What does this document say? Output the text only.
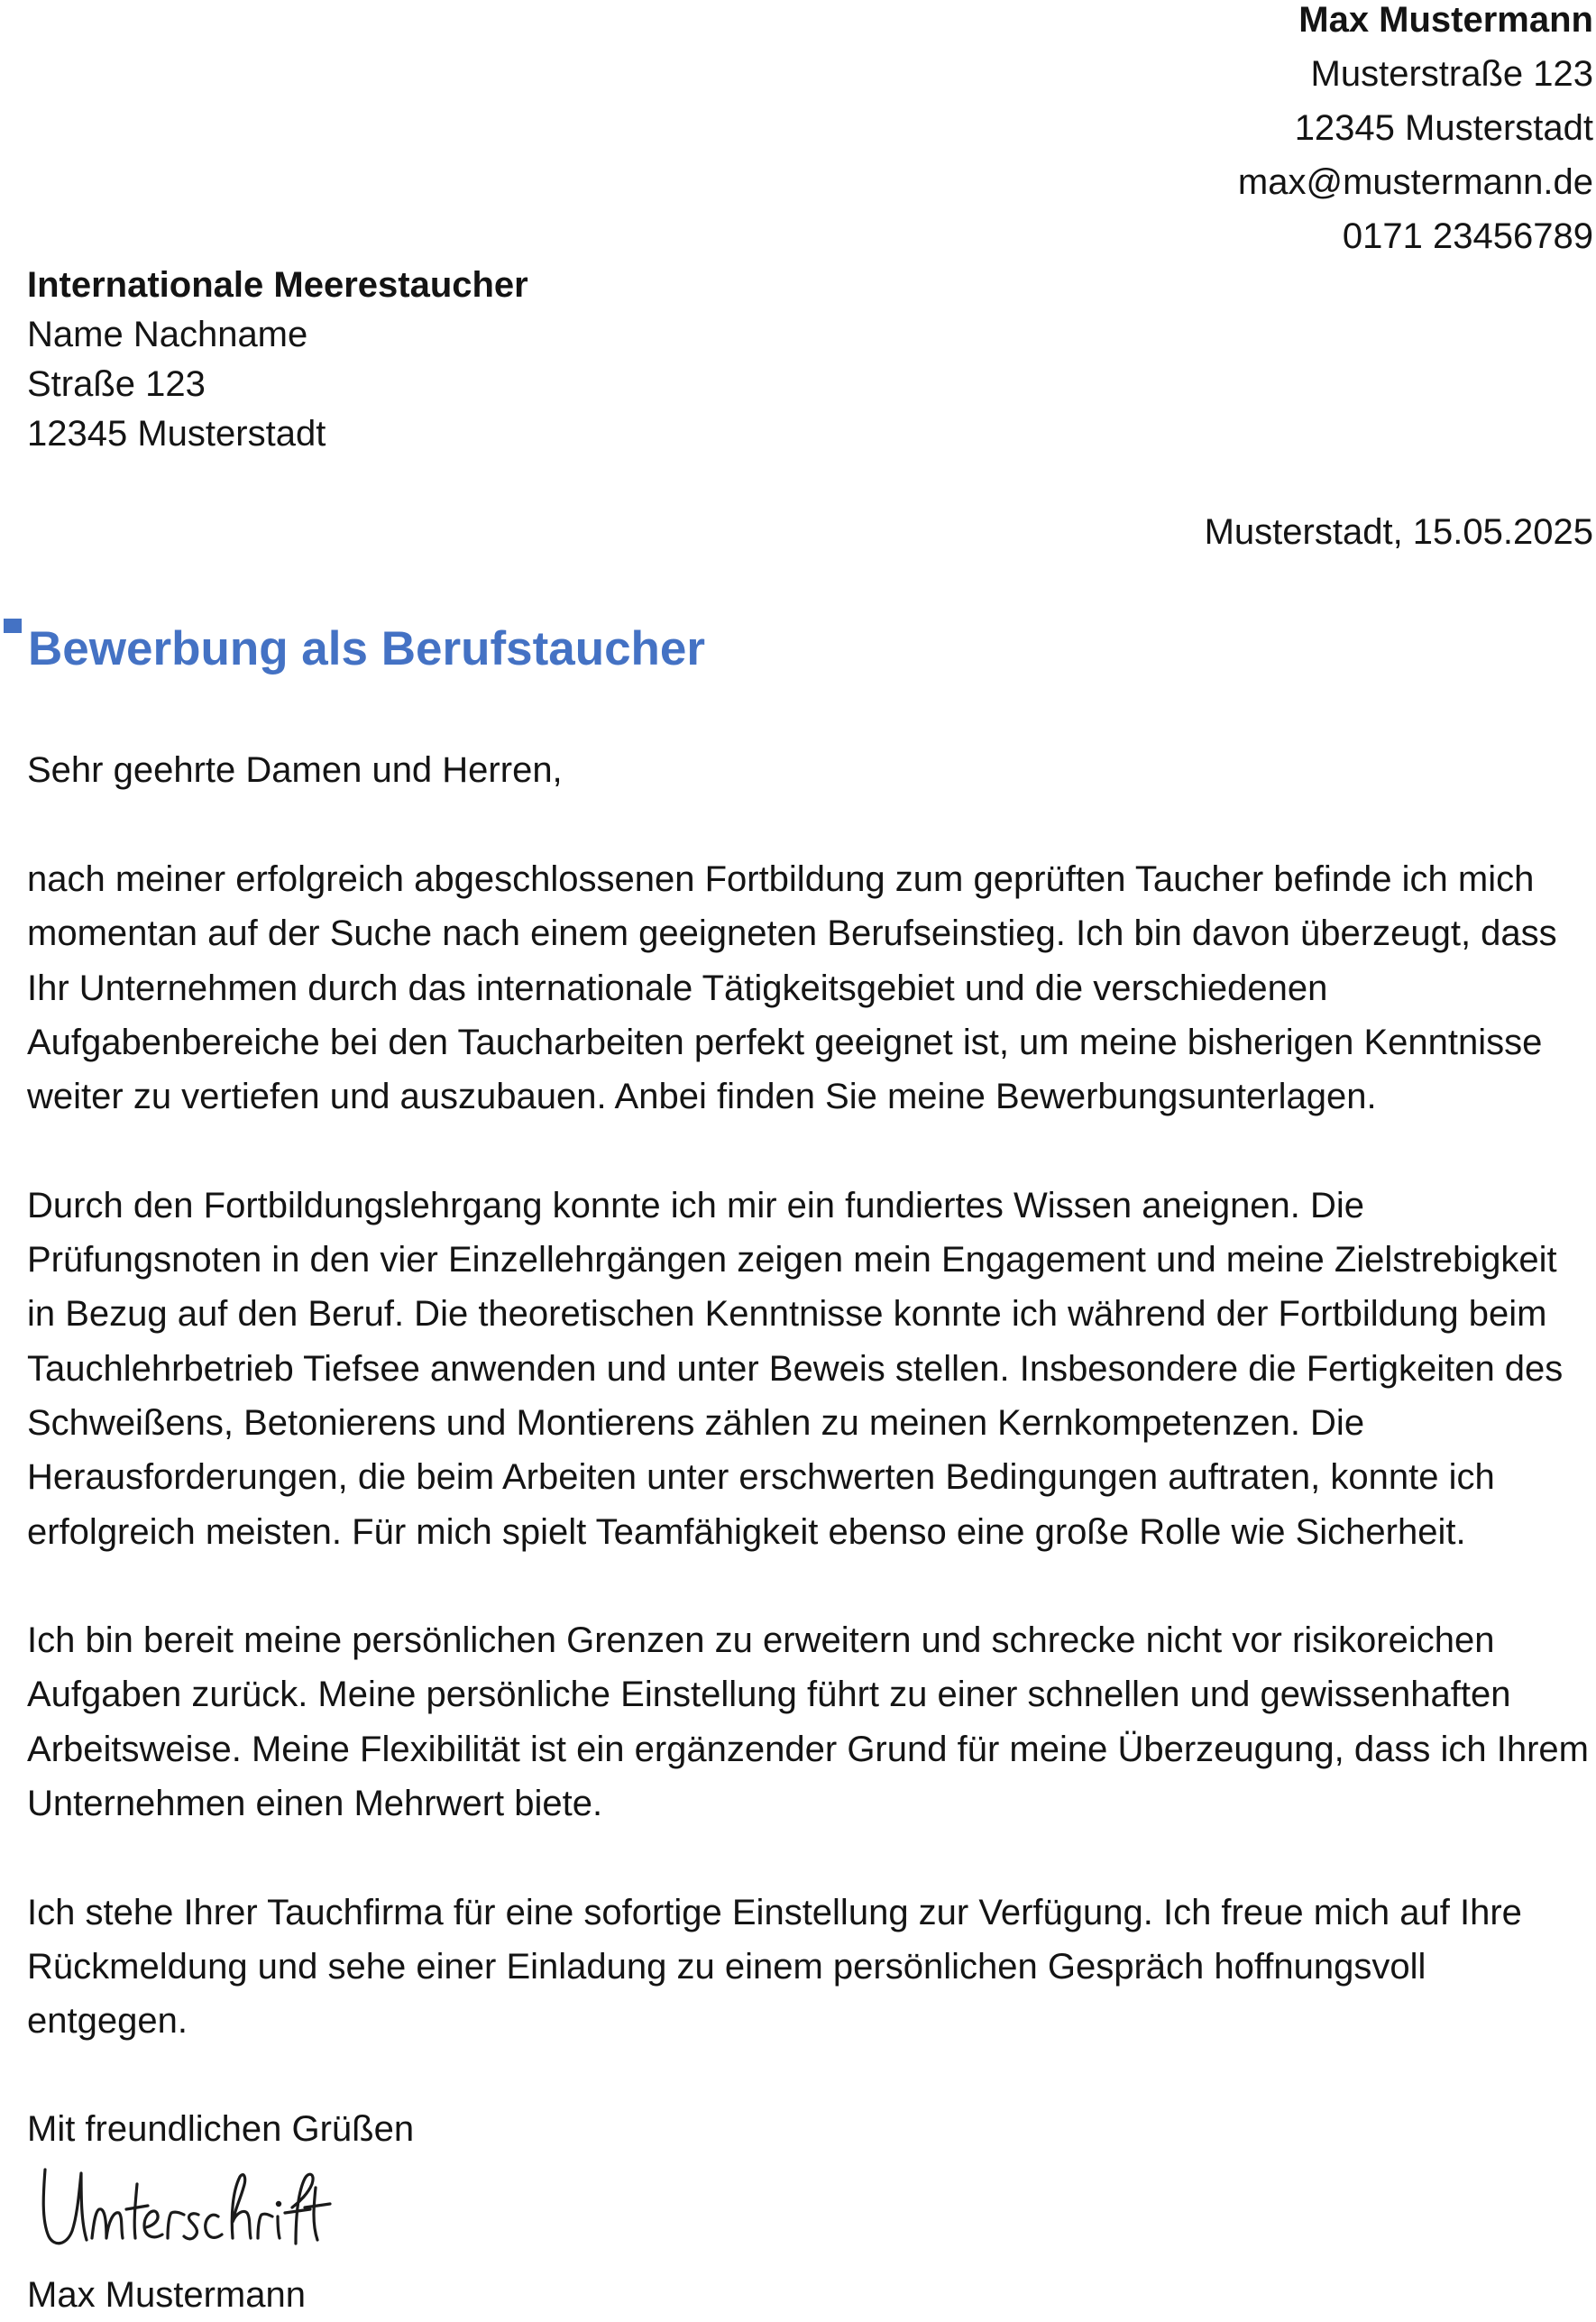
Max Mustermann
Musterstraße 123
12345 Musterstadt
max@mustermann.de
0171 23456789
Internationale Meerestaucher
Name Nachname
Straße 123
12345 Musterstadt
Musterstadt, 15.05.2025
Bewerbung als Berufstaucher
Sehr geehrte Damen und Herren,

nach meiner erfolgreich abgeschlossenen Fortbildung zum geprüften Taucher befinde ich mich momentan auf der Suche nach einem geeigneten Berufseinstieg. Ich bin davon überzeugt, dass Ihr Unternehmen durch das internationale Tätigkeitsgebiet und die verschiedenen Aufgabenbereiche bei den Taucharbeiten perfekt geeignet ist, um meine bisherigen Kenntnisse weiter zu vertiefen und auszubauen. Anbei finden Sie meine Bewerbungsunterlagen.

Durch den Fortbildungslehrgang konnte ich mir ein fundiertes Wissen aneignen. Die Prüfungsnoten in den vier Einzellehrgängen zeigen mein Engagement und meine Zielstrebigkeit in Bezug auf den Beruf. Die theoretischen Kenntnisse konnte ich während der Fortbildung beim Tauchlehrbetrieb Tiefsee anwenden und unter Beweis stellen. Insbesondere die Fertigkeiten des Schweißens, Betonierens und Montierens zählen zu meinen Kernkompetenzen. Die Herausforderungen, die beim Arbeiten unter erschwerten Bedingungen auftraten, konnte ich erfolgreich meisten. Für mich spielt Teamfähigkeit ebenso eine große Rolle wie Sicherheit.

Ich bin bereit meine persönlichen Grenzen zu erweitern und schrecke nicht vor risikoreichen Aufgaben zurück. Meine persönliche Einstellung führt zu einer schnellen und gewissenhaften Arbeitsweise. Meine Flexibilität ist ein ergänzender Grund für meine Überzeugung, dass ich Ihrem Unternehmen einen Mehrwert biete.

Ich stehe Ihrer Tauchfirma für eine sofortige Einstellung zur Verfügung. Ich freue mich auf Ihre Rückmeldung und sehe einer Einladung zu einem persönlichen Gespräch hoffnungsvoll entgegen.

Mit freundlichen Grüßen
Max Mustermann
